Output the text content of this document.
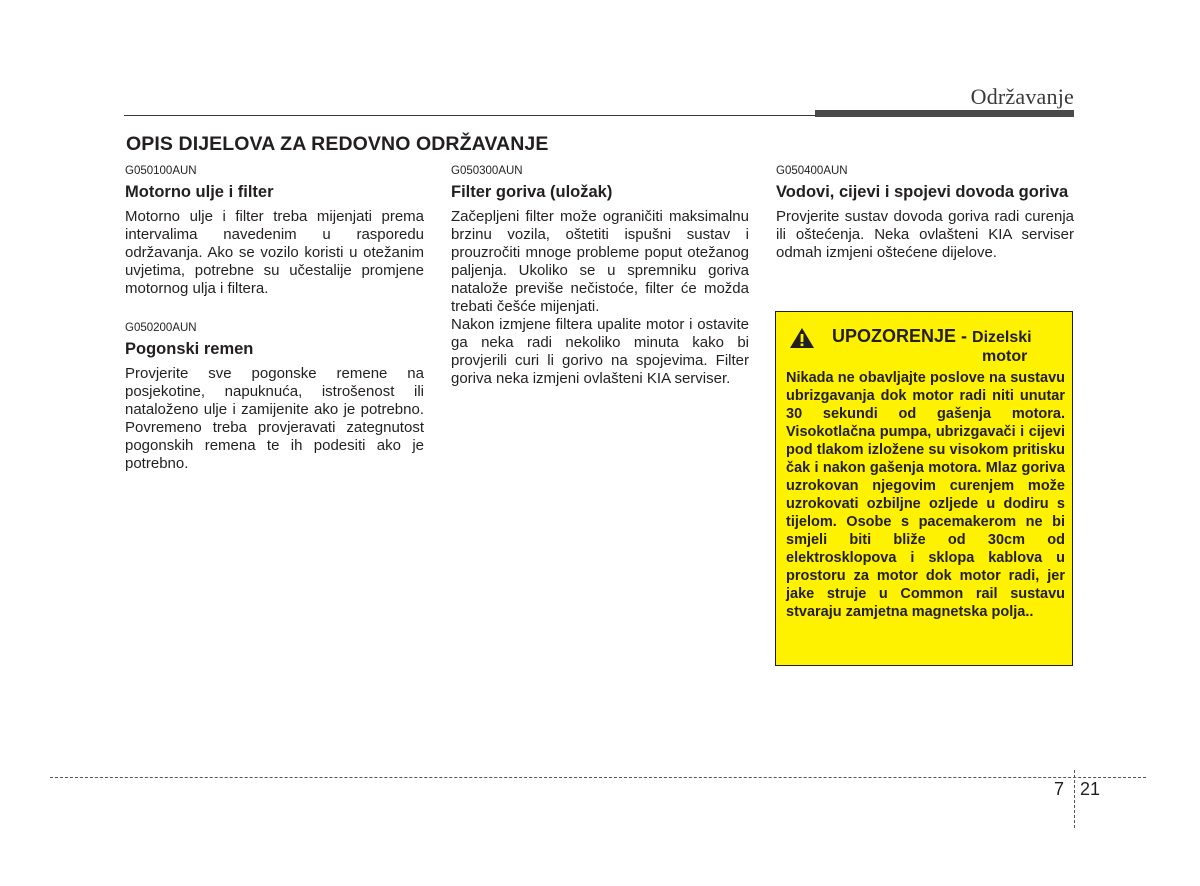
Održavanje
OPIS DIJELOVA ZA REDOVNO ODRŽAVANJE
G050100AUN
Motorno ulje i filter

Motorno ulje i filter treba mijenjati prema intervalima navedenim u rasporedu održavanja. Ako se vozilo koristi u otežanim uvjetima, potrebne su učestalije promjene motornog ulja i filtera.

G050200AUN
Pogonski remen

Provjerite sve pogonske remene na posjekotine, napuknuća, istrošenost ili nataloženo ulje i zamijenite ako je potrebno. Povremeno treba provjeravati zategnutost pogonskih remena te ih podesiti ako je potrebno.

G050300AUN
Filter goriva (uložak)

Začepljeni filter može ograničiti maksimalnu brzinu vozila, oštetiti ispušni sustav i prouzročiti mnoge probleme poput otežanog paljenja. Ukoliko se u spremniku goriva natalože previše nečistoće, filter će možda trebati češće mijenjati.

Nakon izmjene filtera upalite motor i ostavite ga neka radi nekoliko minuta kako bi provjerili curi li gorivo na spojevima. Filter goriva neka izmjeni ovlašteni KIA serviser.

G050400AUN
Vodovi, cijevi i spojevi dovoda goriva

Provjerite sustav dovoda goriva radi curenja ili oštećenja. Neka ovlašteni KIA serviser odmah izmjeni oštećene dijelove.

UPOZORENJE - Dizelski
motor

Nikada ne obavljajte poslove na sustavu ubrizgavanja dok motor radi niti unutar 30 sekundi od gašenja motora. Visokotlačna pumpa, ubrizgavači i cijevi pod tlakom izložene su visokom pritisku čak i nakon gašenja motora. Mlaz goriva uzrokovan njegovim curenjem može uzrokovati ozbiljne ozljede u dodiru s tijelom. Osobe s pacemakerom ne bi smjeli biti bliže od 30cm od elektrosklopova i sklopa kablova u prostoru za motor dok motor radi, jer jake struje u Common rail sustavu stvaraju zamjetna magnetska polja..

7 21
